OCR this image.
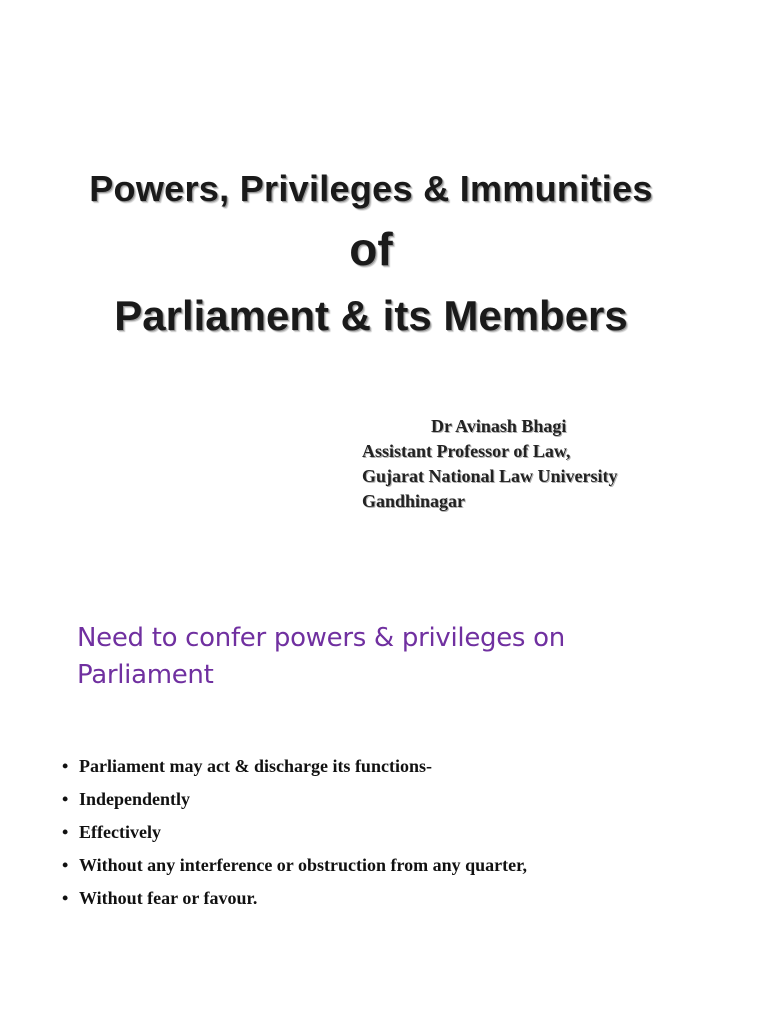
Powers, Privileges & Immunities
of
Parliament & its Members
Dr Avinash Bhagi
Assistant Professor of Law,
Gujarat National Law University
Gandhinagar
Need to confer powers & privileges on Parliament
• Parliament may act & discharge its functions-
• Independently
• Effectively
• Without any interference or obstruction from any quarter,
• Without fear or favour.
